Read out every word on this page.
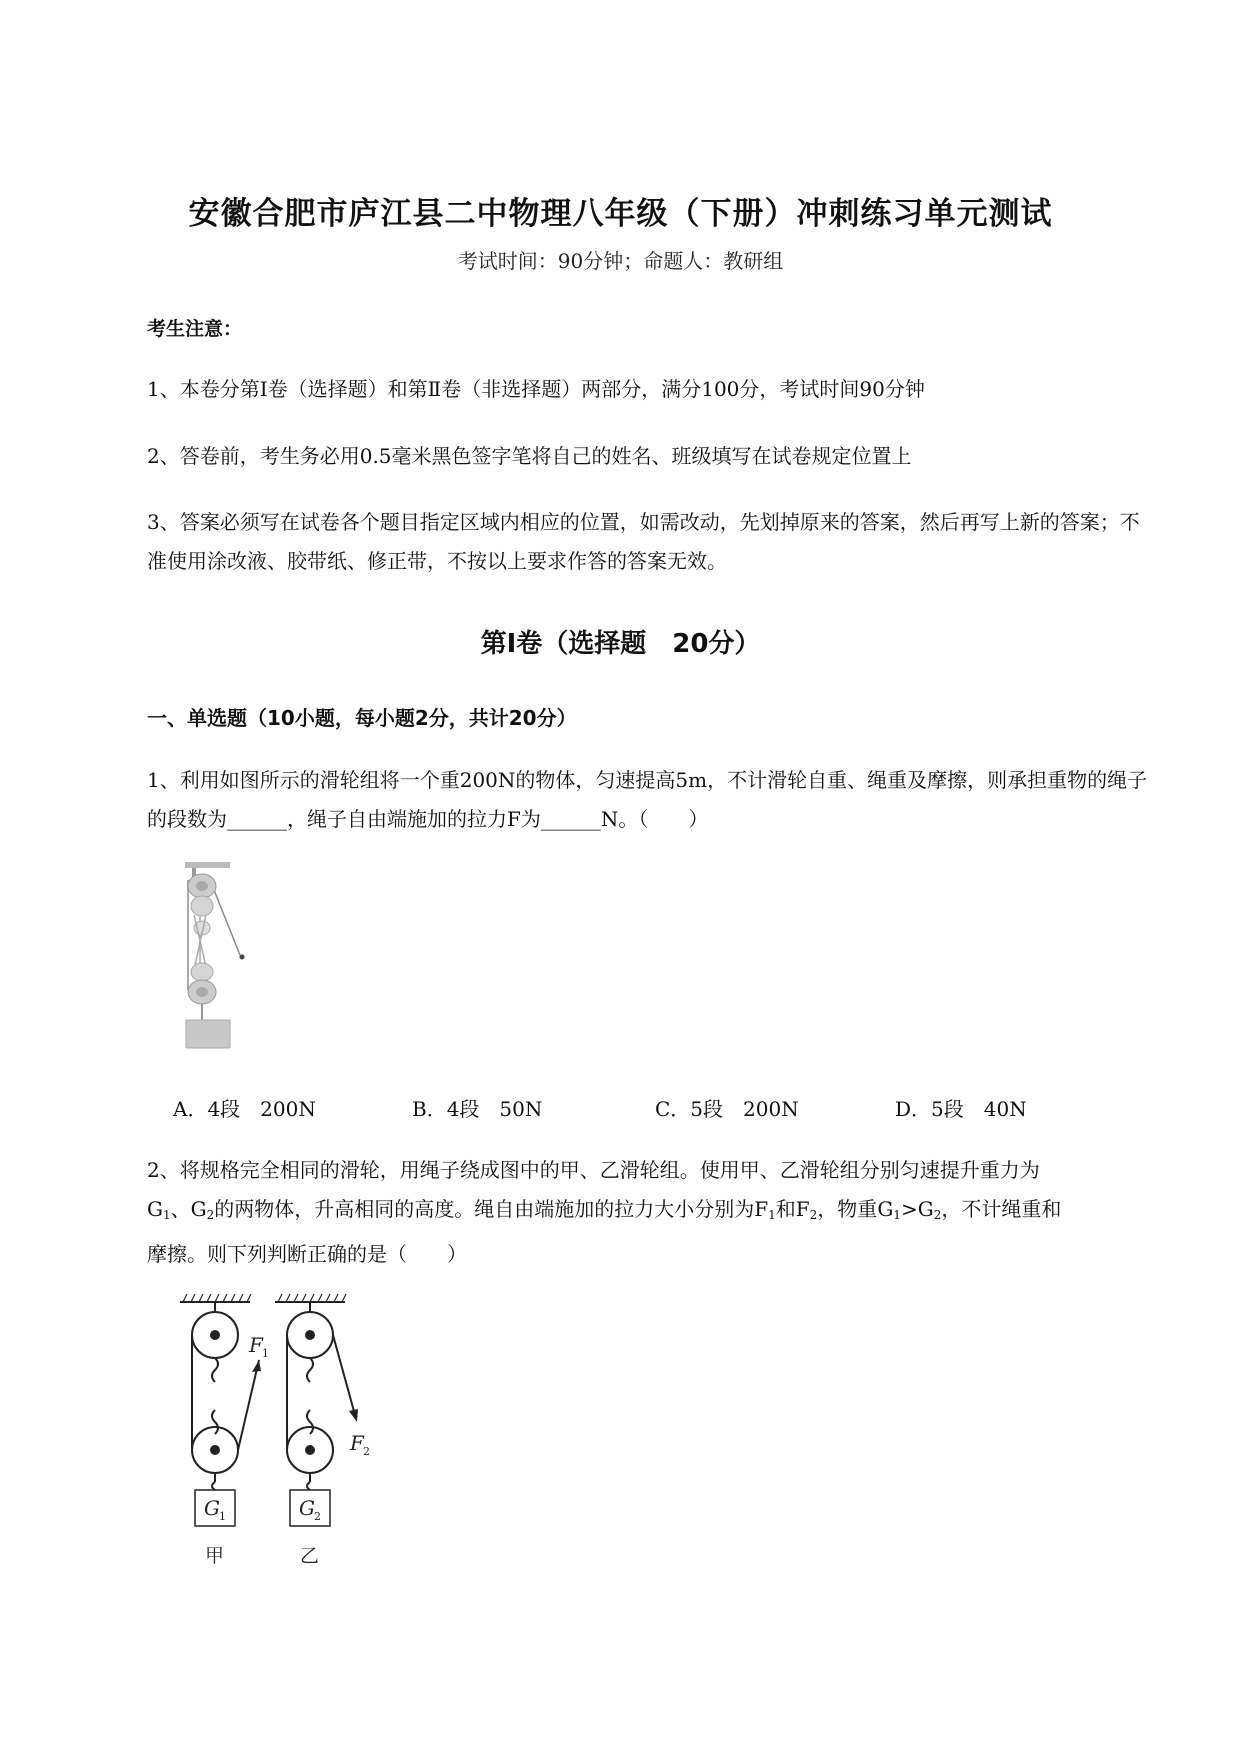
安徽合肥市庐江县二中物理八年级（下册）冲刺练习单元测试
考试时间：90分钟；命题人：教研组
考生注意：
1、本卷分第Ⅰ卷（选择题）和第Ⅱ卷（非选择题）两部分，满分100分，考试时间90分钟
2、答卷前，考生务必用0.5毫米黑色签字笔将自己的姓名、班级填写在试卷规定位置上
3、答案必须写在试卷各个题目指定区域内相应的位置，如需改动，先划掉原来的答案，然后再写上新的答案；不准使用涂改液、胶带纸、修正带，不按以上要求作答的答案无效。
第Ⅰ卷（选择题　20分）
一、单选题（10小题，每小题2分，共计20分）
1、利用如图所示的滑轮组将一个重200N的物体，匀速提高5m，不计滑轮自重、绳重及摩擦，则承担重物的绳子的段数为______，绳子自由端施加的拉力F为______N。（　　）
A．4段　200N	B．4段　50N	C．5段　200N	D．5段　40N
2、将规格完全相同的滑轮，用绳子绕成图中的甲、乙滑轮组。使用甲、乙滑轮组分别匀速提升重力为
$G_1$、$G_2$的两物体，升高相同的高度。绳自由端施加的拉力大小分别为$F_1$和$F_2$，物重$G_1>G_2$，不计绳重和
摩擦。则下列判断正确的是（　　）
F 1
F 2
G 1	G 2
甲	乙
